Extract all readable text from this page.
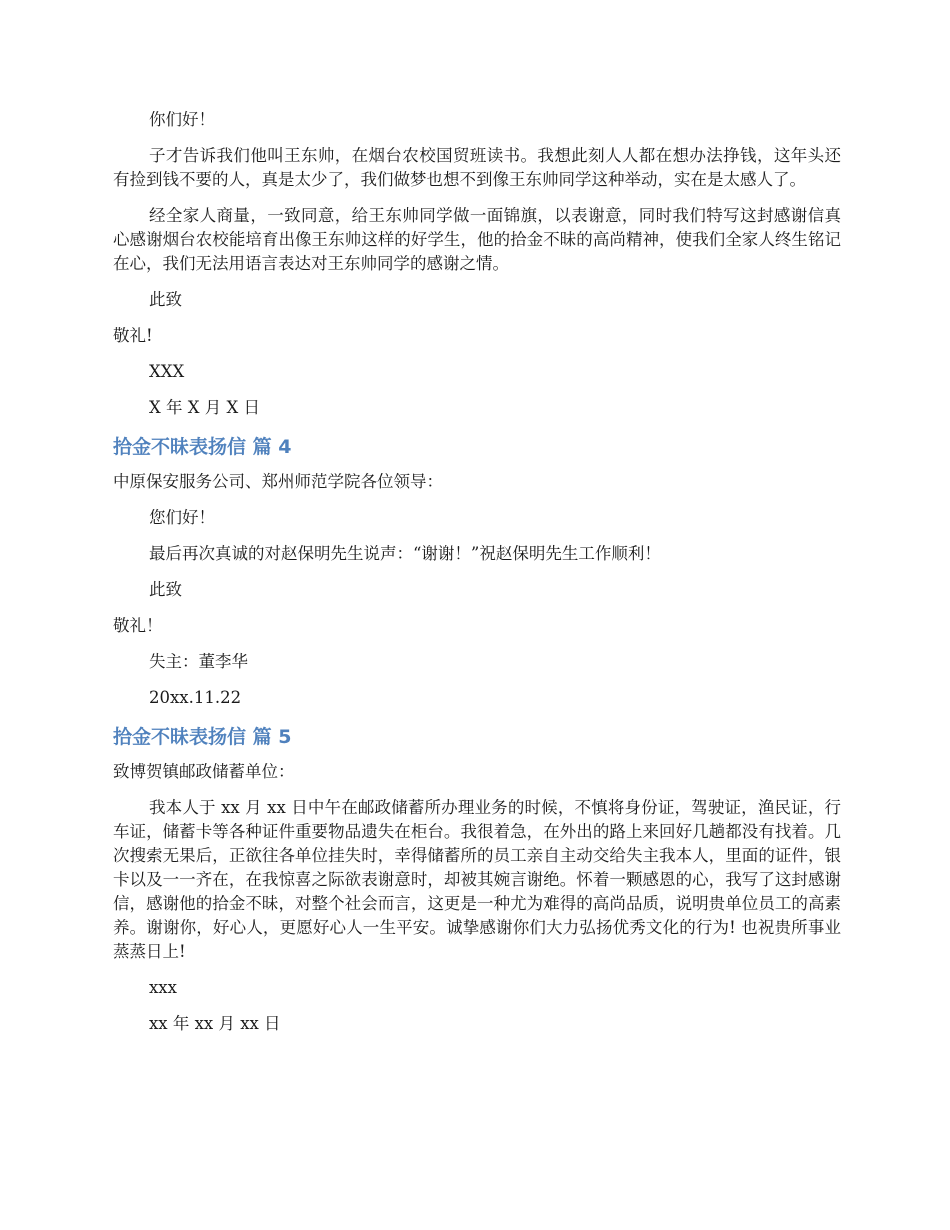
你们好！

子才告诉我们他叫王东帅，在烟台农校国贸班读书。我想此刻人人都在想办法挣钱，这年头还有捡到钱不要的人，真是太少了，我们做梦也想不到像王东帅同学这种举动，实在是太感人了。

经全家人商量，一致同意，给王东帅同学做一面锦旗，以表谢意，同时我们特写这封感谢信真心感谢烟台农校能培育出像王东帅这样的好学生，他的拾金不昧的高尚精神，使我们全家人终生铭记在心，我们无法用语言表达对王东帅同学的感谢之情。

此致

敬礼!

XXX

X 年 X 月 X 日

拾金不昧表扬信 篇 4

中原保安服务公司、郑州师范学院各位领导：

您们好！

最后再次真诚的对赵保明先生说声：“谢谢！”祝赵保明先生工作顺利！

此致

敬礼！

失主：董李华

20xx.11.22

拾金不昧表扬信 篇 5

致博贺镇邮政储蓄单位：

我本人于 xx 月 xx 日中午在邮政储蓄所办理业务的时候，不慎将身份证，驾驶证，渔民证，行车证，储蓄卡等各种证件重要物品遗失在柜台。我很着急，在外出的路上来回好几趟都没有找着。几次搜索无果后，正欲往各单位挂失时，幸得储蓄所的员工亲自主动交给失主我本人，里面的证件，银卡以及一一齐在，在我惊喜之际欲表谢意时，却被其婉言谢绝。怀着一颗感恩的心，我写了这封感谢信，感谢他的拾金不昧，对整个社会而言，这更是一种尤为难得的高尚品质，说明贵单位员工的高素养。谢谢你，好心人，更愿好心人一生平安。诚挚感谢你们大力弘扬优秀文化的行为! 也祝贵所事业蒸蒸日上!

xxx

xx 年 xx 月 xx 日
